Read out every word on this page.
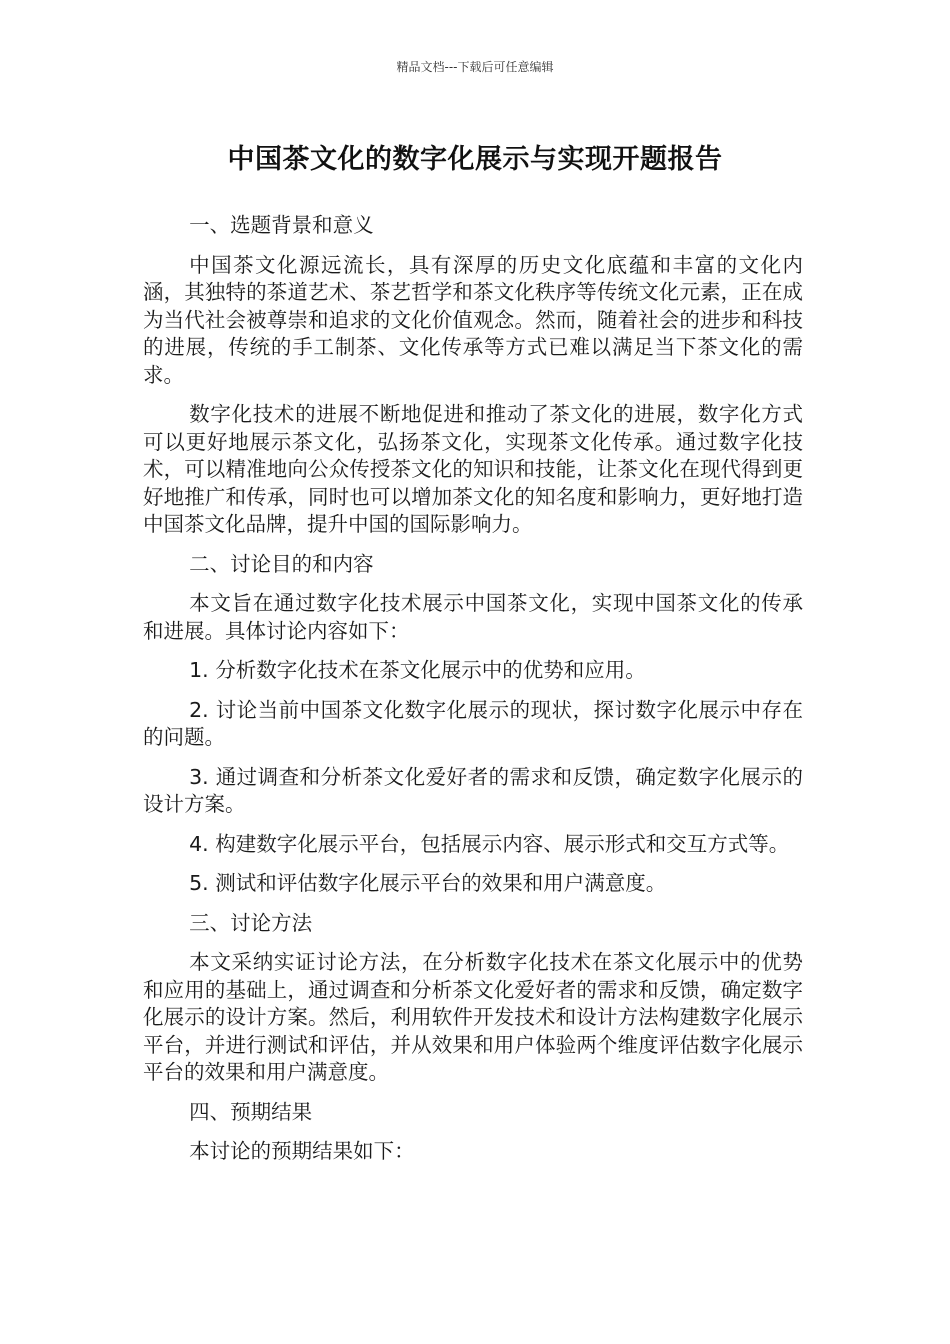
精品文档---下载后可任意编辑
中国茶文化的数字化展示与实现开题报告

一、选题背景和意义

中国茶文化源远流长，具有深厚的历史文化底蕴和丰富的文化内涵，其独特的茶道艺术、茶艺哲学和茶文化秩序等传统文化元素，正在成为当代社会被尊崇和追求的文化价值观念。然而，随着社会的进步和科技的进展，传统的手工制茶、文化传承等方式已难以满足当下茶文化的需求。

数字化技术的进展不断地促进和推动了茶文化的进展，数字化方式可以更好地展示茶文化，弘扬茶文化，实现茶文化传承。通过数字化技术，可以精准地向公众传授茶文化的知识和技能，让茶文化在现代得到更好地推广和传承，同时也可以增加茶文化的知名度和影响力，更好地打造中国茶文化品牌，提升中国的国际影响力。

二、讨论目的和内容

本文旨在通过数字化技术展示中国茶文化，实现中国茶文化的传承和进展。具体讨论内容如下：

1. 分析数字化技术在茶文化展示中的优势和应用。

2. 讨论当前中国茶文化数字化展示的现状，探讨数字化展示中存在的问题。

3. 通过调查和分析茶文化爱好者的需求和反馈，确定数字化展示的设计方案。

4. 构建数字化展示平台，包括展示内容、展示形式和交互方式等。

5. 测试和评估数字化展示平台的效果和用户满意度。

三、讨论方法

本文采纳实证讨论方法，在分析数字化技术在茶文化展示中的优势和应用的基础上，通过调查和分析茶文化爱好者的需求和反馈，确定数字化展示的设计方案。然后，利用软件开发技术和设计方法构建数字化展示平台，并进行测试和评估，并从效果和用户体验两个维度评估数字化展示平台的效果和用户满意度。

四、预期结果

本讨论的预期结果如下：
